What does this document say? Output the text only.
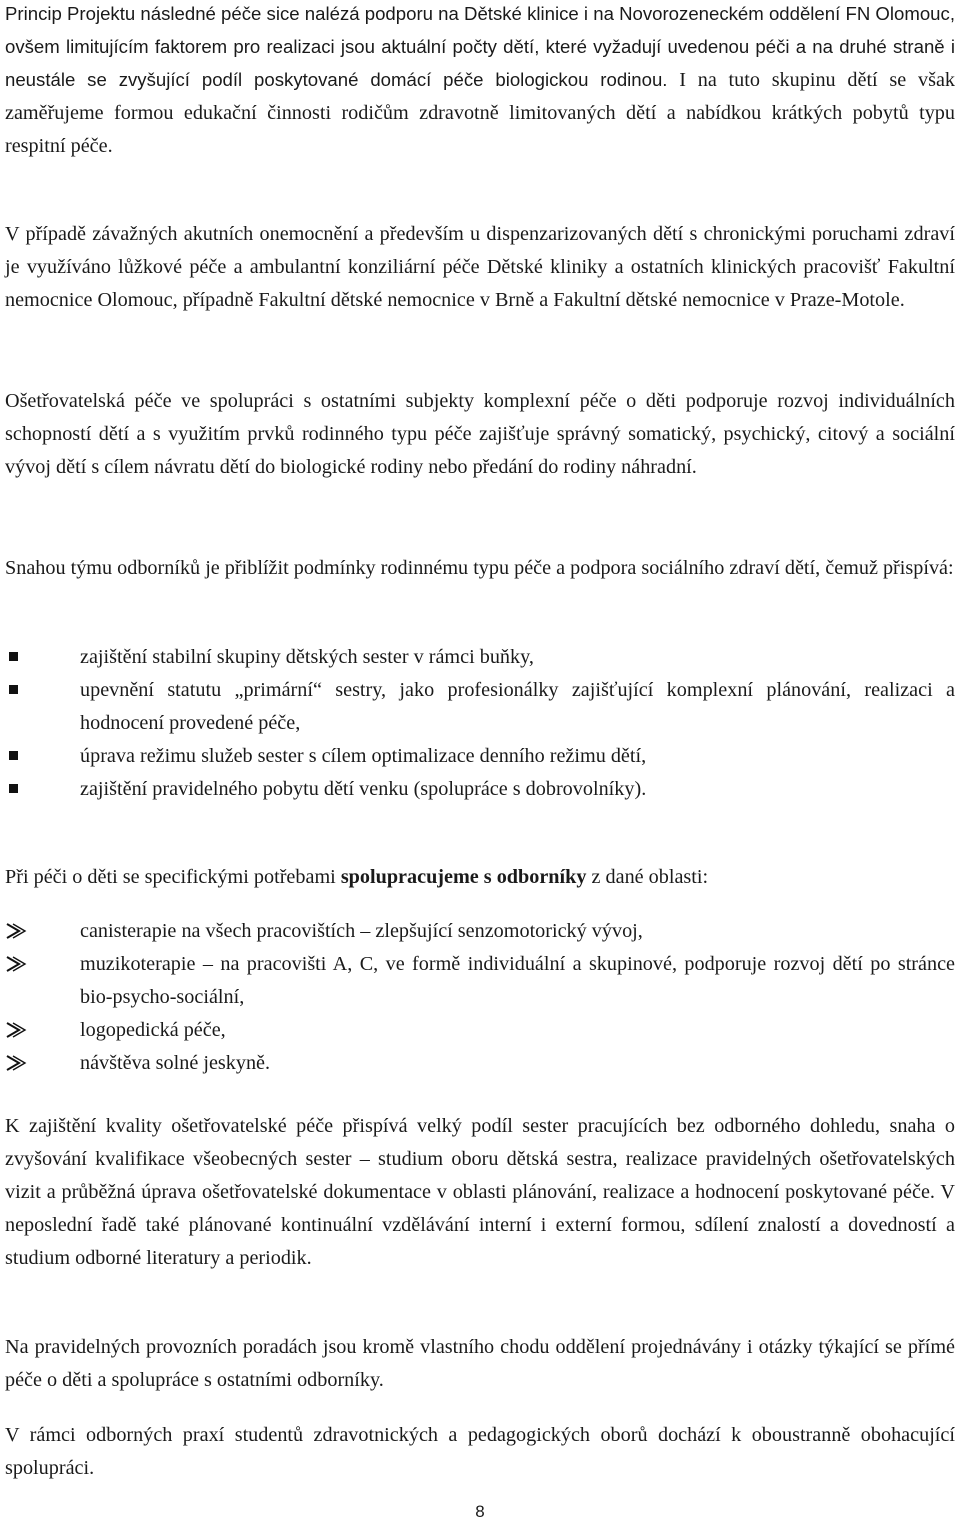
Princip Projektu následné péče sice nalézá podporu na Dětské klinice i na Novorozeneckém oddělení FN Olomouc, ovšem limitujícím faktorem pro realizaci jsou aktuální počty dětí, které vyžadují uvedenou péči a na druhé straně i neustále se zvyšující podíl poskytované domácí péče biologickou rodinou. I na tuto skupinu dětí se však zaměřujeme formou edukační činnosti rodičům zdravotně limitovaných dětí a nabídkou krátkých pobytů typu respitní péče.

V případě závažných akutních onemocnění a především u dispenzarizovaných dětí s chronickými poruchami zdraví je využíváno lůžkové péče a ambulantní konziliární péče Dětské kliniky a ostatních klinických pracovišť Fakultní nemocnice Olomouc, případně Fakultní dětské nemocnice v Brně a Fakultní dětské nemocnice v Praze-Motole.

Ošetřovatelská péče ve spolupráci s ostatními subjekty komplexní péče o děti podporuje rozvoj individuálních schopností dětí a s využitím prvků rodinného typu péče zajišťuje správný somatický, psychický, citový a sociální vývoj dětí s cílem návratu dětí do biologické rodiny nebo předání do rodiny náhradní.

Snahou týmu odborníků je přiblížit podmínky rodinnému typu péče a podpora sociálního zdraví dětí, čemuž přispívá:

zajištění stabilní skupiny dětských sester v rámci buňky,
upevnění statutu „primární“ sestry, jako profesionálky zajišťující komplexní plánování, realizaci a hodnocení provedené péče,
úprava režimu služeb sester s cílem optimalizace denního režimu dětí,
zajištění pravidelného pobytu dětí venku (spolupráce s dobrovolníky).

Při péči o děti se specifickými potřebami spolupracujeme s odborníky z dané oblasti:

canisterapie na všech pracovištích – zlepšující senzomotorický vývoj,
muzikoterapie – na pracovišti A, C, ve formě individuální a skupinové, podporuje rozvoj dětí po stránce bio-psycho-sociální,
logopedická péče,
návštěva solné jeskyně.

K zajištění kvality ošetřovatelské péče přispívá velký podíl sester pracujících bez odborného dohledu, snaha o zvyšování kvalifikace všeobecných sester – studium oboru dětská sestra, realizace pravidelných ošetřovatelských vizit a průběžná úprava ošetřovatelské dokumentace v oblasti plánování, realizace a hodnocení poskytované péče. V neposlední řadě také plánované kontinuální vzdělávání interní i externí formou, sdílení znalostí a dovedností a studium odborné literatury a periodik.

Na pravidelných provozních poradách jsou kromě vlastního chodu oddělení projednávány i otázky týkající se přímé péče o děti a spolupráce s ostatními odborníky.

V rámci odborných praxí studentů zdravotnických a pedagogických oborů dochází k oboustranně obohacující spolupráci.

8
